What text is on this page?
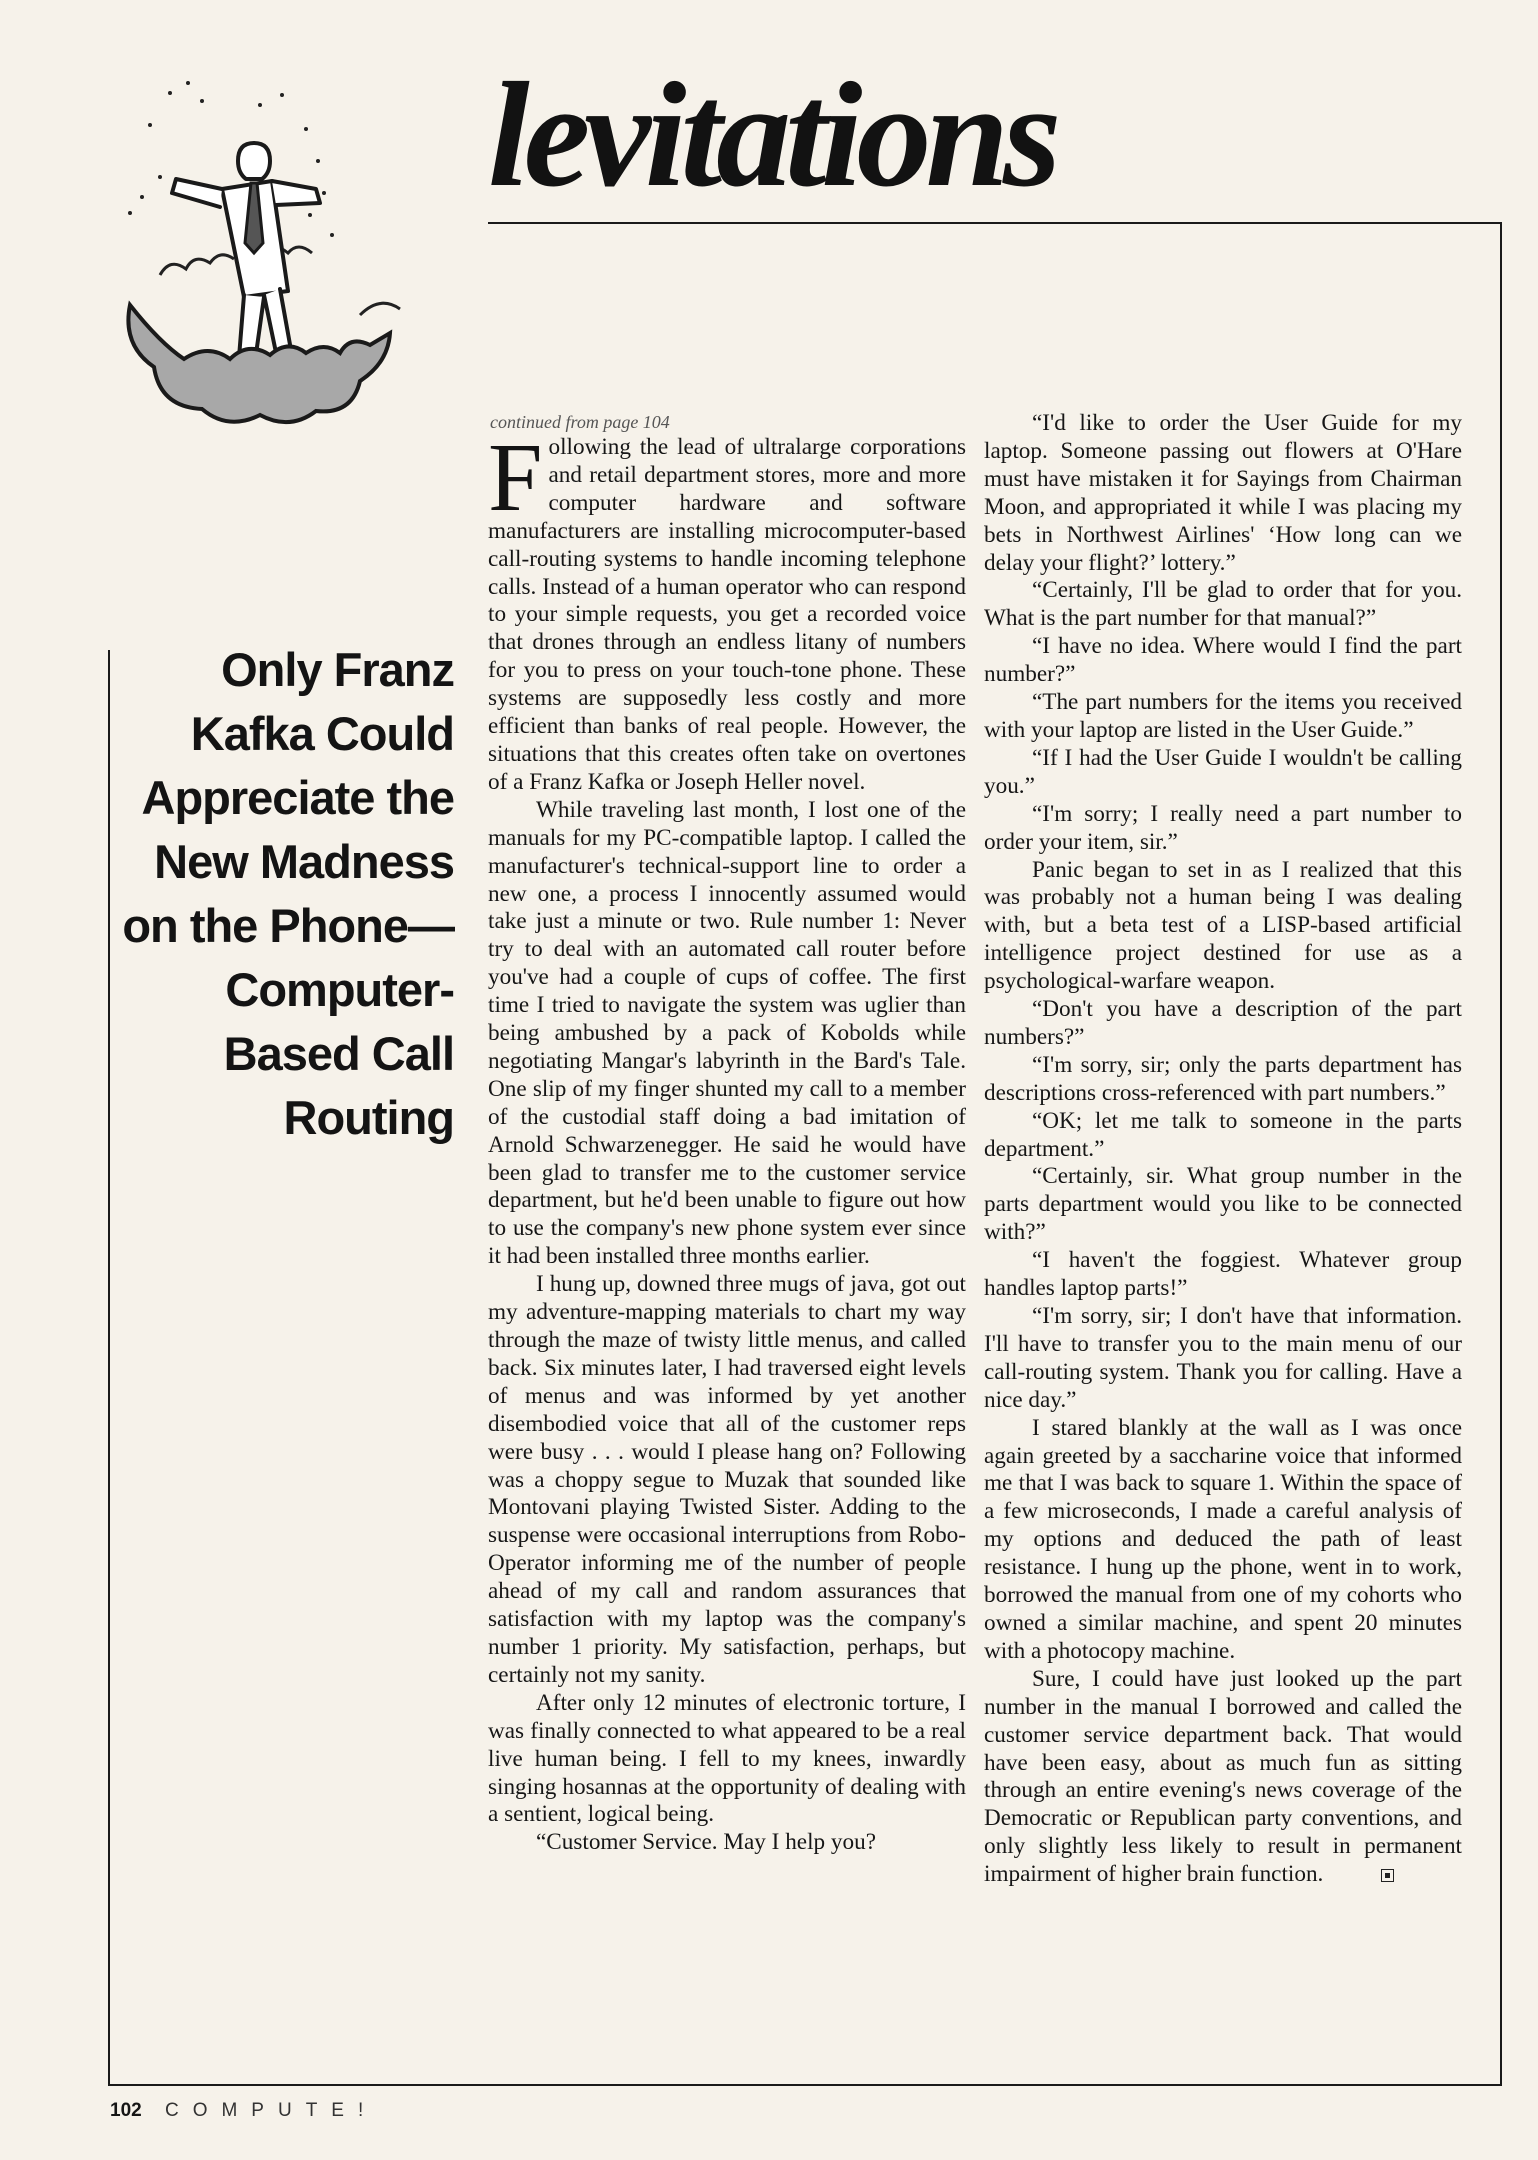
levitations
Only Franz Kafka Could Appreciate the New Madness on the Phone— Computer-Based Call Routing
continued from page 104

Following the lead of ultralarge corporations and retail department stores, more and more computer hardware and software manufacturers are installing microcomputer-based call-routing systems to handle incoming telephone calls. Instead of a human operator who can respond to your simple requests, you get a recorded voice that drones through an endless litany of numbers for you to press on your touch-tone phone. These systems are supposedly less costly and more efficient than banks of real people. However, the situations that this creates often take on overtones of a Franz Kafka or Joseph Heller novel.

While traveling last month, I lost one of the manuals for my PC-compatible laptop. I called the manufacturer's technical-support line to order a new one, a process I innocently assumed would take just a minute or two. Rule number 1: Never try to deal with an automated call router before you've had a couple of cups of coffee. The first time I tried to navigate the system was uglier than being ambushed by a pack of Kobolds while negotiating Mangar's labyrinth in the Bard's Tale. One slip of my finger shunted my call to a member of the custodial staff doing a bad imitation of Arnold Schwarzenegger. He said he would have been glad to transfer me to the customer service department, but he'd been unable to figure out how to use the company's new phone system ever since it had been installed three months earlier.

I hung up, downed three mugs of java, got out my adventure-mapping materials to chart my way through the maze of twisty little menus, and called back. Six minutes later, I had traversed eight levels of menus and was informed by yet another disembodied voice that all of the customer reps were busy . . . would I please hang on? Following was a choppy segue to Muzak that sounded like Montovani playing Twisted Sister. Adding to the suspense were occasional interruptions from Robo-Operator informing me of the number of people ahead of my call and random assurances that satisfaction with my laptop was the company's number 1 priority. My satisfaction, perhaps, but certainly not my sanity.

After only 12 minutes of electronic torture, I was finally connected to what appeared to be a real live human being. I fell to my knees, inwardly singing hosannas at the opportunity of dealing with a sentient, logical being.

“Customer Service. May I help you?

“I'd like to order the User Guide for my laptop. Someone passing out flowers at O'Hare must have mistaken it for Sayings from Chairman Moon, and appropriated it while I was placing my bets in Northwest Airlines' ‘How long can we delay your flight?’ lottery.”

“Certainly, I'll be glad to order that for you. What is the part number for that manual?”

“I have no idea. Where would I find the part number?”

“The part numbers for the items you received with your laptop are listed in the User Guide.”

“If I had the User Guide I wouldn't be calling you.”

“I'm sorry; I really need a part number to order your item, sir.”

Panic began to set in as I realized that this was probably not a human being I was dealing with, but a beta test of a LISP-based artificial intelligence project destined for use as a psychological-warfare weapon.

“Don't you have a description of the part numbers?”

“I'm sorry, sir; only the parts department has descriptions cross-referenced with part numbers.”

“OK; let me talk to someone in the parts department.”

“Certainly, sir. What group number in the parts department would you like to be connected with?”

“I haven't the foggiest. Whatever group handles laptop parts!”

“I'm sorry, sir; I don't have that information. I'll have to transfer you to the main menu of our call-routing system. Thank you for calling. Have a nice day.”

I stared blankly at the wall as I was once again greeted by a saccharine voice that informed me that I was back to square 1. Within the space of a few microseconds, I made a careful analysis of my options and deduced the path of least resistance. I hung up the phone, went in to work, borrowed the manual from one of my cohorts who owned a similar machine, and spent 20 minutes with a photocopy machine.

Sure, I could have just looked up the part number in the manual I borrowed and called the customer service department back. That would have been easy, about as much fun as sitting through an entire evening's news coverage of the Democratic or Republican party conventions, and only slightly less likely to result in permanent impairment of higher brain function.

102 COMPUTE!
